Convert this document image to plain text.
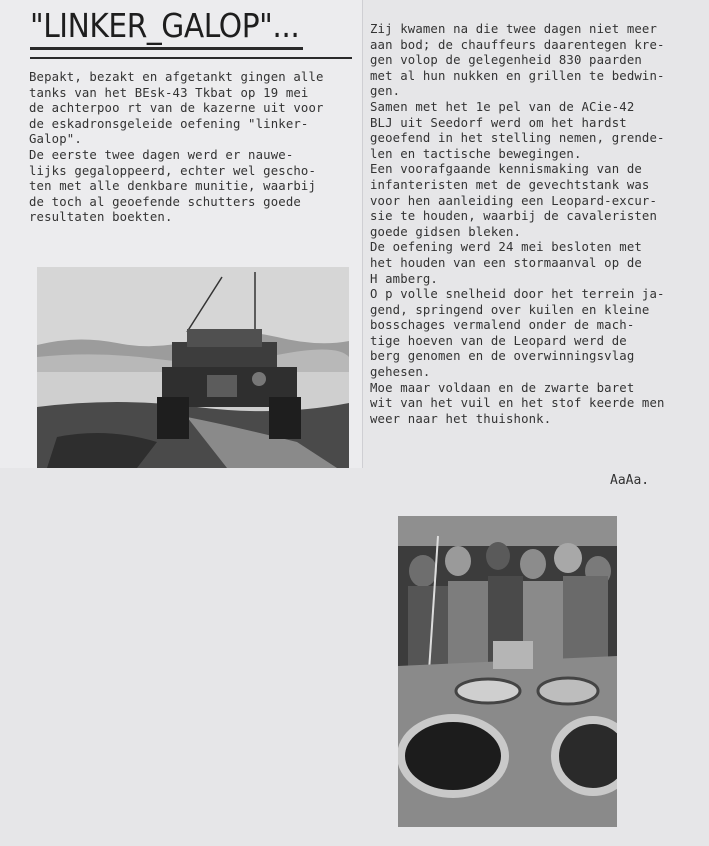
"LINKER_GALOP"...
Bepakt, bezakt en afgetankt gingen alle
tanks van het BEsk-43 Tkbat op 19 mei
de achterpoo rt van de kazerne uit voor
de eskadronsgeleide oefening "linker-
Galop".
De eerste twee dagen werd er nauwe-
lijks gegaloppeerd, echter wel gescho-
ten met alle denkbare munitie, waarbij
de toch al geoefende schutters goede
resultaten boekten.
Zij kwamen na die twee dagen niet meer
aan bod; de chauffeurs daarentegen kre-
gen volop de gelegenheid 830 paarden
met al hun nukken en grillen te bedwin-
gen.
Samen met het 1e pel van de ACie-42
BLJ uit Seedorf werd om het hardst
geoefend in het stelling nemen, grende-
len en tactische bewegingen.
Een voorafgaande kennismaking van de
infanteristen met de gevechtstank was
voor hen aanleiding een Leopard-excur-
sie te houden, waarbij de cavaleristen
goede gidsen bleken.
De oefening werd 24 mei besloten met
het houden van een stormaanval op de
H amberg.
O p volle snelheid door het terrein ja-
gend, springend over kuilen en kleine
bosschages vermalend onder de mach-
tige hoeven van de Leopard werd de
berg genomen en de overwinningsvlag
gehesen.
Moe maar voldaan en de zwarte baret
wit van het vuil en het stof keerde men
weer naar het thuishonk.
AaAa.
